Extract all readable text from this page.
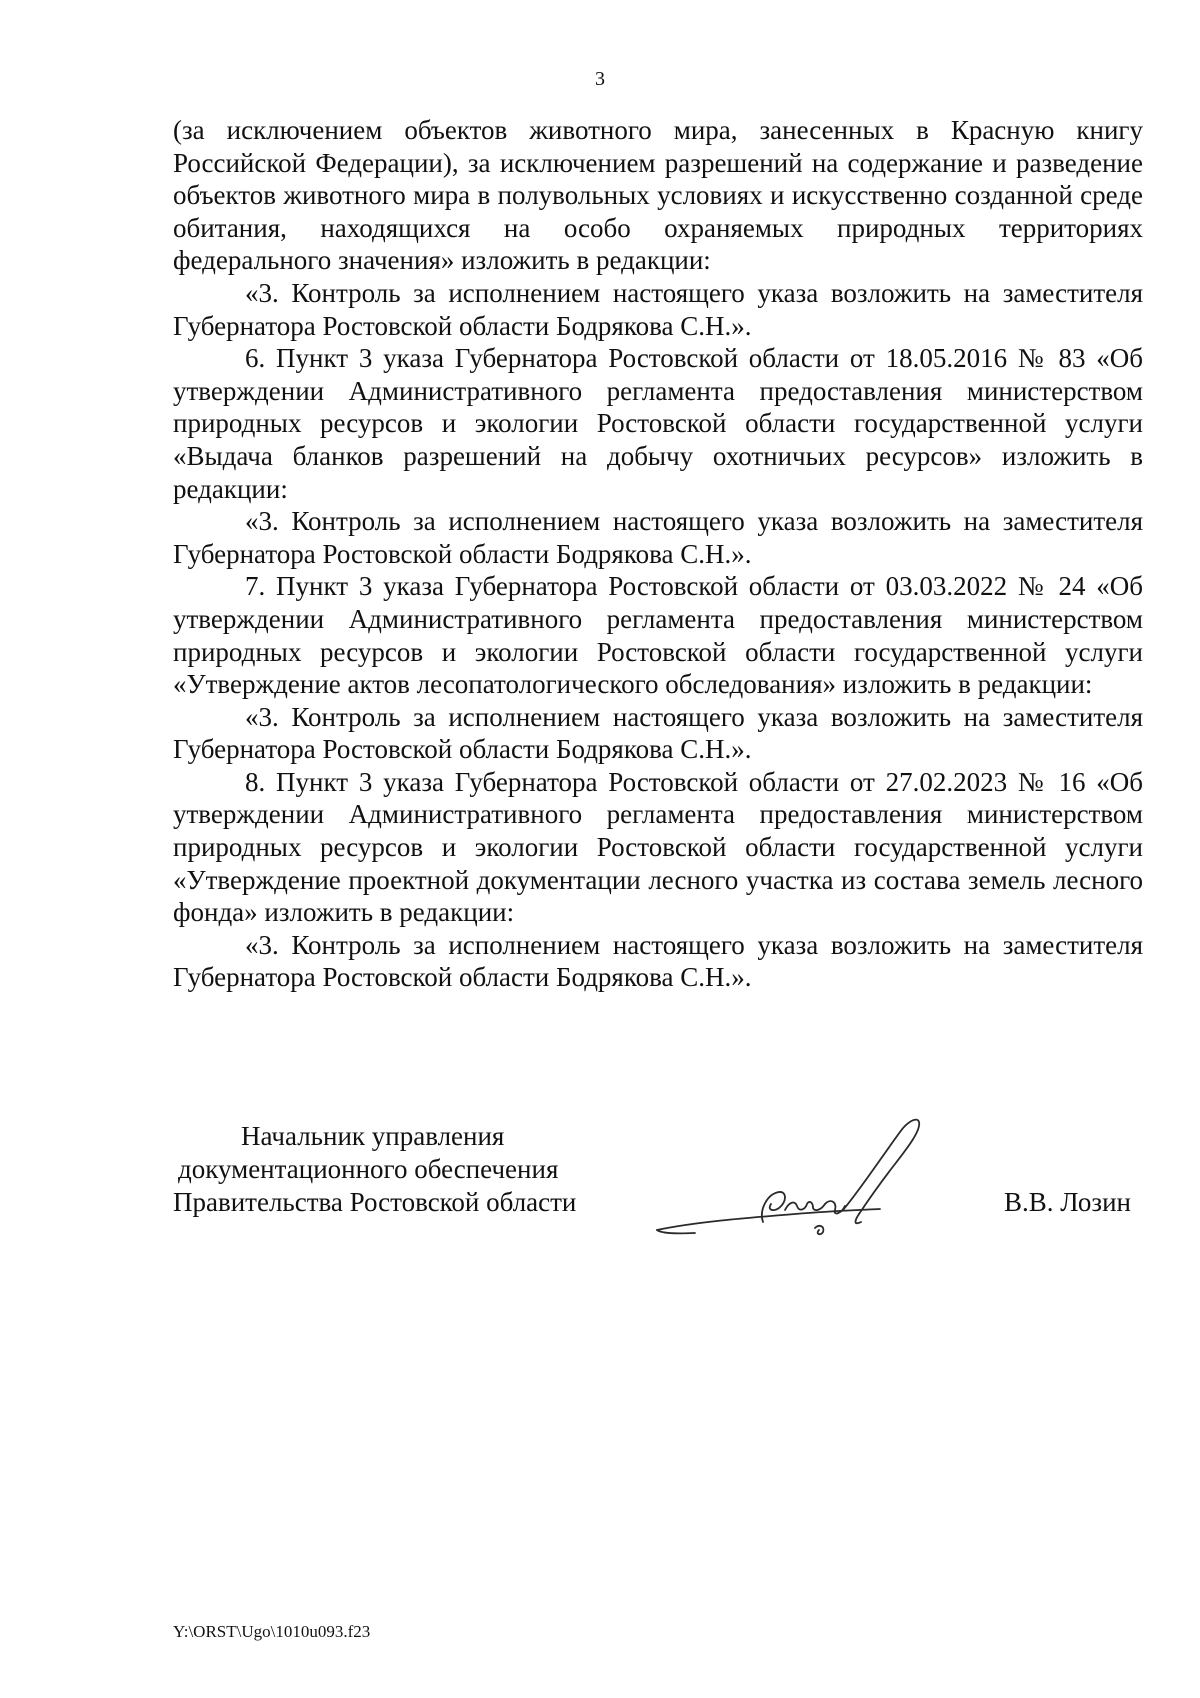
3

(за исключением объектов животного мира, занесенных в Красную книгу Российской Федерации), за исключением разрешений на содержание и разведение объектов животного мира в полувольных условиях и искусственно созданной среде обитания, находящихся на особо охраняемых природных территориях федерального значения» изложить в редакции:

«3. Контроль за исполнением настоящего указа возложить на заместителя Губернатора Ростовской области Бодрякова С.Н.».

6. Пункт 3 указа Губернатора Ростовской области от 18.05.2016 № 83 «Об утверждении Административного регламента предоставления министерством природных ресурсов и экологии Ростовской области государственной услуги «Выдача бланков разрешений на добычу охотничьих ресурсов» изложить в редакции:

«3. Контроль за исполнением настоящего указа возложить на заместителя Губернатора Ростовской области Бодрякова С.Н.».

7. Пункт 3 указа Губернатора Ростовской области от 03.03.2022 № 24 «Об утверждении Административного регламента предоставления министерством природных ресурсов и экологии Ростовской области государственной услуги «Утверждение актов лесопатологического обследования» изложить в редакции:

«3. Контроль за исполнением настоящего указа возложить на заместителя Губернатора Ростовской области Бодрякова С.Н.».

8. Пункт 3 указа Губернатора Ростовской области от 27.02.2023 № 16 «Об утверждении Административного регламента предоставления министерством природных ресурсов и экологии Ростовской области государственной услуги «Утверждение проектной документации лесного участка из состава земель лесного фонда» изложить в редакции:

«3. Контроль за исполнением настоящего указа возложить на заместителя Губернатора Ростовской области Бодрякова С.Н.».

Начальник управления
документационного обеспечения
Правительства Ростовской области	В.В. Лозин
Y:\ORST\Ugo\1010u093.f23
